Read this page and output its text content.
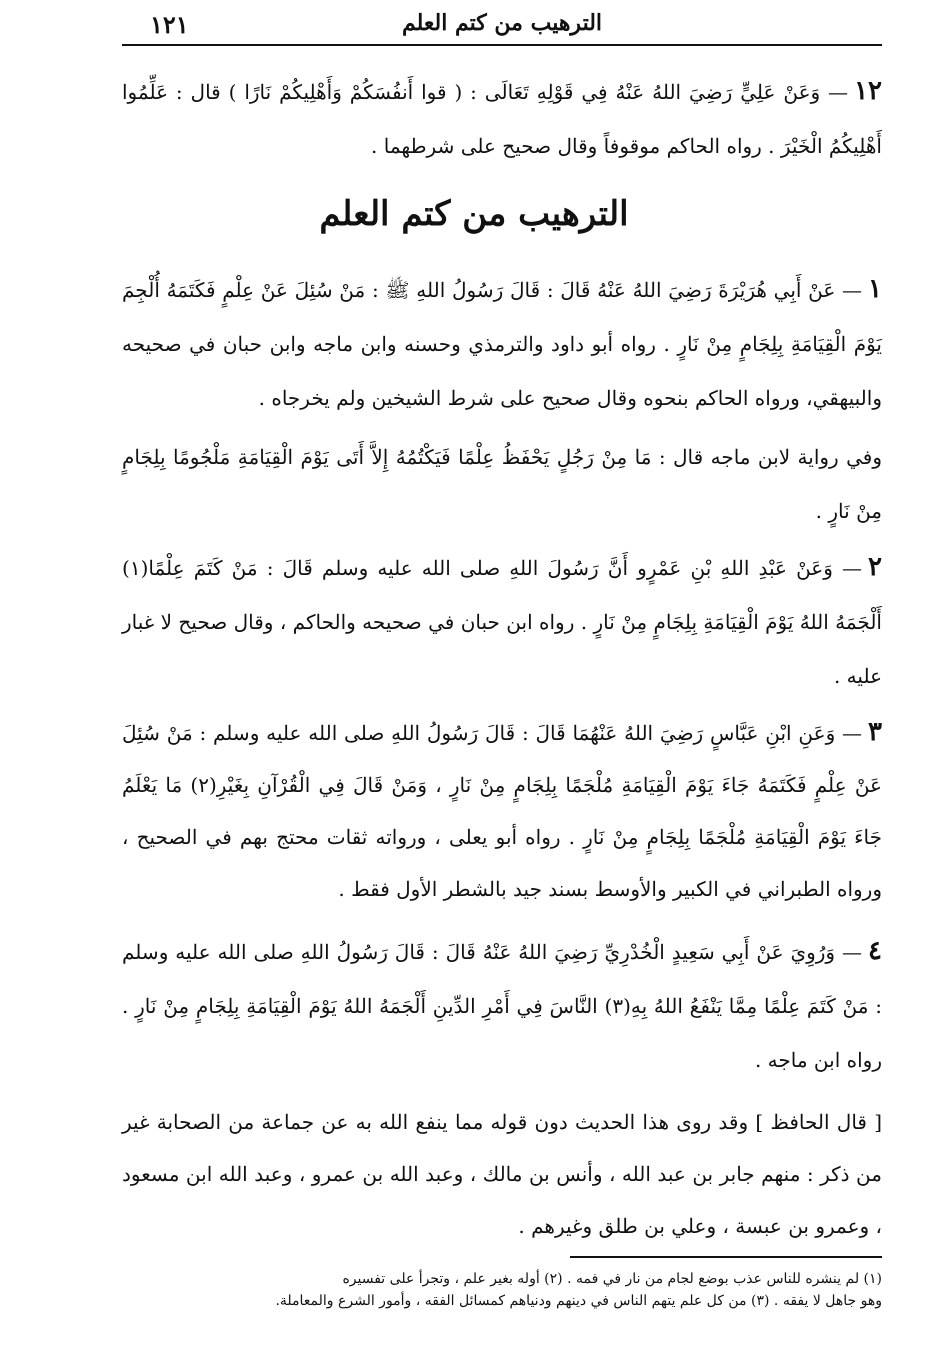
١٢١	الترهيب من كتم العلم
١٢— وَعَنْ عَلِيٍّ رَضِيَ اللهُ عَنْهُ فِي قَوْلِهِ تَعَالَى : ( قوا أَنفُسَكُمْ وَأَهْلِيكُمْ نَارًا ) قال : عَلِّمُوا أَهْلِيكُمُ الْخَيْرَ . رواه الحاكم موقوفاً وقال صحيح على شرطهما .
الترهيب من كتم العلم
١— عَنْ أَبِي هُرَيْرَةَ رَضِيَ اللهُ عَنْهُ قَالَ : قَالَ رَسُولُ اللهِ ﷺ : مَنْ سُئِلَ عَنْ عِلْمٍ فَكَتَمَهُ أُلْجِمَ يَوْمَ الْقِيَامَةِ بِلِجَامٍ مِنْ نَارٍ . رواه أبو داود والترمذي وحسنه وابن ماجه وابن حبان في صحيحه والبيهقي، ورواه الحاكم بنحوه وقال صحيح على شرط الشيخين ولم يخرجاه .
وفي رواية لابن ماجه قال : مَا مِنْ رَجُلٍ يَحْفَظُ عِلْمًا فَيَكْتُمُهُ إِلاَّ أَتَى يَوْمَ الْقِيَامَةِ مَلْجُومًا بِلِجَامٍ مِنْ نَارٍ .
٢— وَعَنْ عَبْدِ اللهِ بْنِ عَمْرٍو أَنَّ رَسُولَ اللهِ صلى الله عليه وسلم قَالَ : مَنْ كَتَمَ عِلْمًا(١) أَلْجَمَهُ اللهُ يَوْمَ الْقِيَامَةِ بِلِجَامٍ مِنْ نَارٍ . رواه ابن حبان في صحيحه والحاكم ، وقال صحيح لا غبار عليه .
٣— وَعَنِ ابْنِ عَبَّاسٍ رَضِيَ اللهُ عَنْهُمَا قَالَ : قَالَ رَسُولُ اللهِ صلى الله عليه وسلم : مَنْ سُئِلَ عَنْ عِلْمٍ فَكَتَمَهُ جَاءَ يَوْمَ الْقِيَامَةِ مُلْجَمًا بِلِجَامٍ مِنْ نَارٍ ، وَمَنْ قَالَ فِي الْقُرْآنِ بِغَيْرِ(٢) مَا يَعْلَمُ جَاءَ يَوْمَ الْقِيَامَةِ مُلْجَمًا بِلِجَامٍ مِنْ نَارٍ . رواه أبو يعلى ، ورواته ثقات محتج بهم في الصحيح ، ورواه الطبراني في الكبير والأوسط بسند جيد بالشطر الأول فقط .
٤— وَرُوِيَ عَنْ أَبِي سَعِيدٍ الْخُدْرِيِّ رَضِيَ اللهُ عَنْهُ قَالَ : قَالَ رَسُولُ اللهِ صلى الله عليه وسلم : مَنْ كَتَمَ عِلْمًا مِمَّا يَنْفَعُ اللهُ بِهِ(٣) النَّاسَ فِي أَمْرِ الدِّينِ أَلْجَمَهُ اللهُ يَوْمَ الْقِيَامَةِ بِلِجَامٍ مِنْ نَارٍ . رواه ابن ماجه .
[ قال الحافظ ] وقد روى هذا الحديث دون قوله مما ينفع الله به عن جماعة من الصحابة غير من ذكر : منهم جابر بن عبد الله ، وأنس بن مالك ، وعبد الله بن عمرو ، وعبد الله ابن مسعود ، وعمرو بن عبسة ، وعلي بن طلق وغيرهم .
(١) لم ينشره للناس عذب بوضع لجام من نار في فمه . (٢) أوله بغير علم ، وتجرأ على تفسيره
وهو جاهل لا يفقه . (٣) من كل علم يتهم الناس في دينهم ودنياهم كمسائل الفقه ، وأمور الشرع والمعاملة.
